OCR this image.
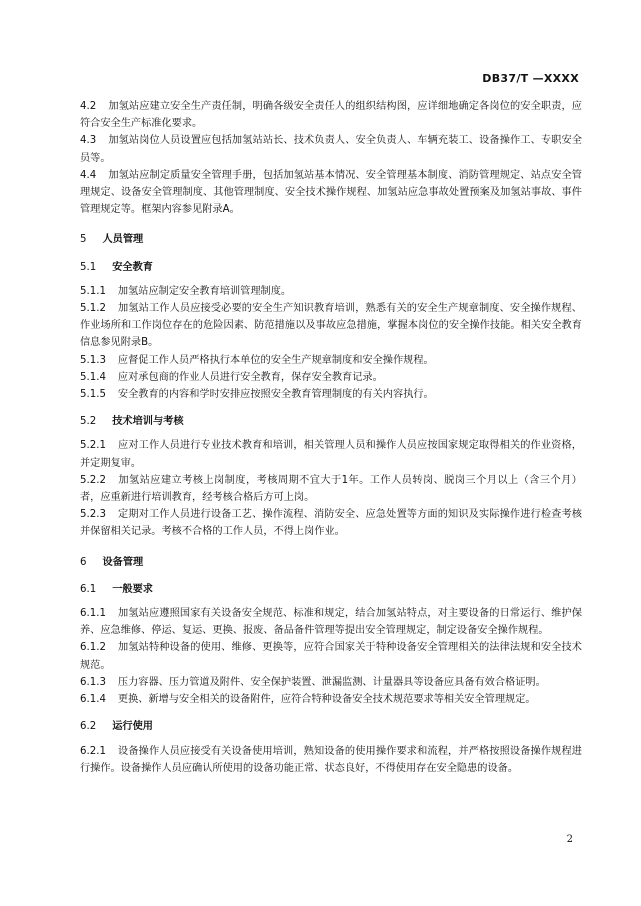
DB37/T —XXXX

4.2 加氢站应建立安全生产责任制，明确各级安全责任人的组织结构图，应详细地确定各岗位的安全职责，应符合安全生产标准化要求。

4.3 加氢站岗位人员设置应包括加氢站站长、技术负责人、安全负责人、车辆充装工、设备操作工、专职安全员等。

4.4 加氢站应制定质量安全管理手册，包括加氢站基本情况、安全管理基本制度、消防管理规定、站点安全管理规定、设备安全管理制度、其他管理制度、安全技术操作规程、加氢站应急事故处置预案及加氢站事故、事件管理规定等。框架内容参见附录A。

5 人员管理

5.1 安全教育

5.1.1 加氢站应制定安全教育培训管理制度。

5.1.2 加氢站工作人员应接受必要的安全生产知识教育培训，熟悉有关的安全生产规章制度、安全操作规程、作业场所和工作岗位存在的危险因素、防范措施以及事故应急措施，掌握本岗位的安全操作技能。相关安全教育信息参见附录B。

5.1.3 应督促工作人员严格执行本单位的安全生产规章制度和安全操作规程。

5.1.4 应对承包商的作业人员进行安全教育，保存安全教育记录。

5.1.5 安全教育的内容和学时安排应按照安全教育管理制度的有关内容执行。

5.2 技术培训与考核

5.2.1 应对工作人员进行专业技术教育和培训，相关管理人员和操作人员应按国家规定取得相关的作业资格，并定期复审。

5.2.2 加氢站应建立考核上岗制度，考核周期不宜大于1年。工作人员转岗、脱岗三个月以上（含三个月）者，应重新进行培训教育，经考核合格后方可上岗。

5.2.3 定期对工作人员进行设备工艺、操作流程、消防安全、应急处置等方面的知识及实际操作进行检查考核并保留相关记录。考核不合格的工作人员，不得上岗作业。

6 设备管理

6.1 一般要求

6.1.1 加氢站应遵照国家有关设备安全规范、标准和规定，结合加氢站特点，对主要设备的日常运行、维护保养、应急维修、停运、复运、更换、报废、备品备件管理等提出安全管理规定，制定设备安全操作规程。

6.1.2 加氢站特种设备的使用、维修、更换等，应符合国家关于特种设备安全管理相关的法律法规和安全技术规范。

6.1.3 压力容器、压力管道及附件、安全保护装置、泄漏监测、计量器具等设备应具备有效合格证明。

6.1.4 更换、新增与安全相关的设备附件，应符合特种设备安全技术规范要求等相关安全管理规定。

6.2 运行使用

6.2.1 设备操作人员应接受有关设备使用培训，熟知设备的使用操作要求和流程，并严格按照设备操作规程进行操作。设备操作人员应确认所使用的设备功能正常、状态良好，不得使用存在安全隐患的设备。

2
